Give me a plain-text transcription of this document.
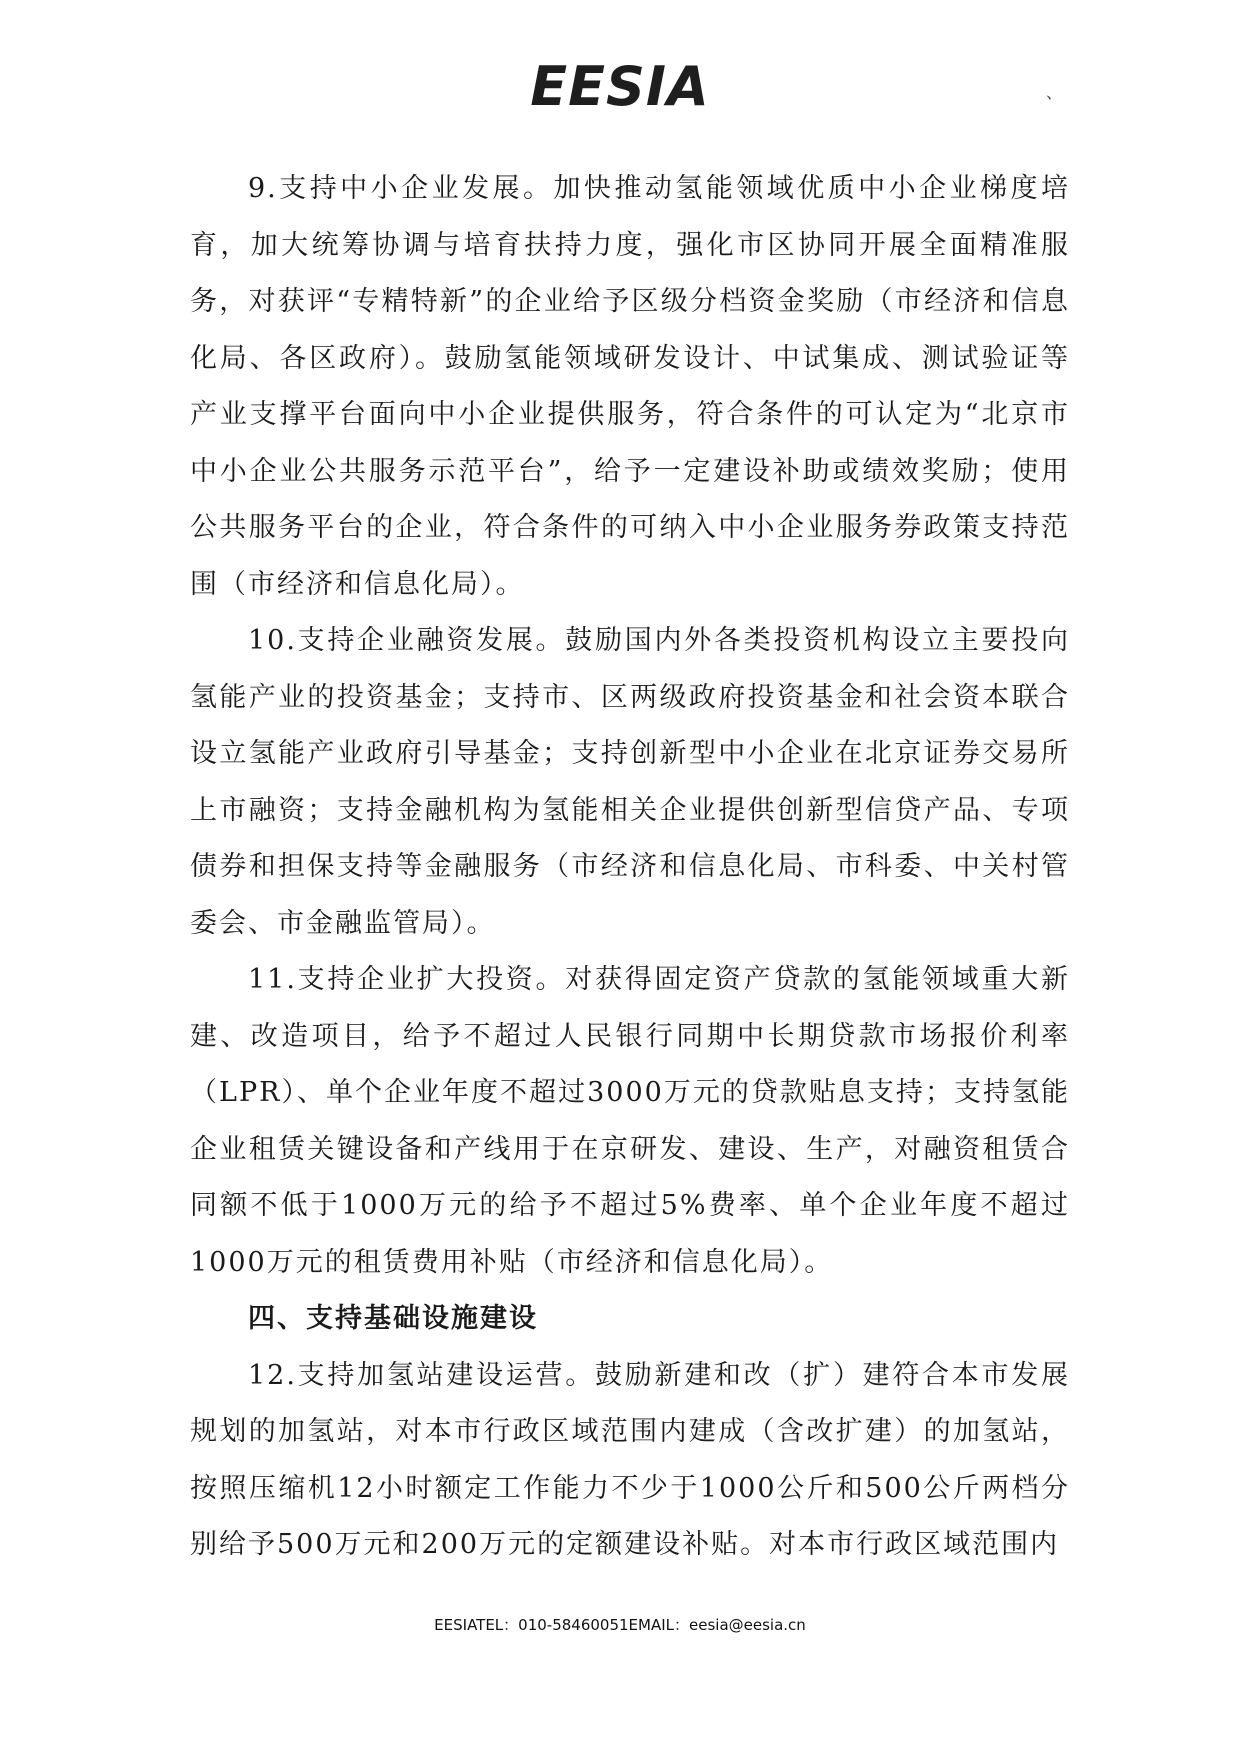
EESIA	、

9.支持中小企业发展。加快推动氢能领域优质中小企业梯度培育，加大统筹协调与培育扶持力度，强化市区协同开展全面精准服务，对获评“专精特新”的企业给予区级分档资金奖励（市经济和信息化局、各区政府）。鼓励氢能领域研发设计、中试集成、测试验证等产业支撑平台面向中小企业提供服务，符合条件的可认定为“北京市中小企业公共服务示范平台”，给予一定建设补助或绩效奖励；使用公共服务平台的企业，符合条件的可纳入中小企业服务券政策支持范围（市经济和信息化局）。

10.支持企业融资发展。鼓励国内外各类投资机构设立主要投向氢能产业的投资基金；支持市、区两级政府投资基金和社会资本联合设立氢能产业政府引导基金；支持创新型中小企业在北京证券交易所上市融资；支持金融机构为氢能相关企业提供创新型信贷产品、专项债券和担保支持等金融服务（市经济和信息化局、市科委、中关村管委会、市金融监管局）。

11.支持企业扩大投资。对获得固定资产贷款的氢能领域重大新建、改造项目，给予不超过人民银行同期中长期贷款市场报价利率（LPR）、单个企业年度不超过3000万元的贷款贴息支持；支持氢能企业租赁关键设备和产线用于在京研发、建设、生产，对融资租赁合同额不低于1000万元的给予不超过5%费率、单个企业年度不超过1000万元的租赁费用补贴（市经济和信息化局）。

四、支持基础设施建设

12.支持加氢站建设运营。鼓励新建和改（扩）建符合本市发展规划的加氢站，对本市行政区域范围内建成（含改扩建）的加氢站，按照压缩机12小时额定工作能力不少于1000公斤和500公斤两档分别给予500万元和200万元的定额建设补贴。对本市行政区域范围内

EESIATEL：010-58460051EMAIL：eesia@eesia.cn
